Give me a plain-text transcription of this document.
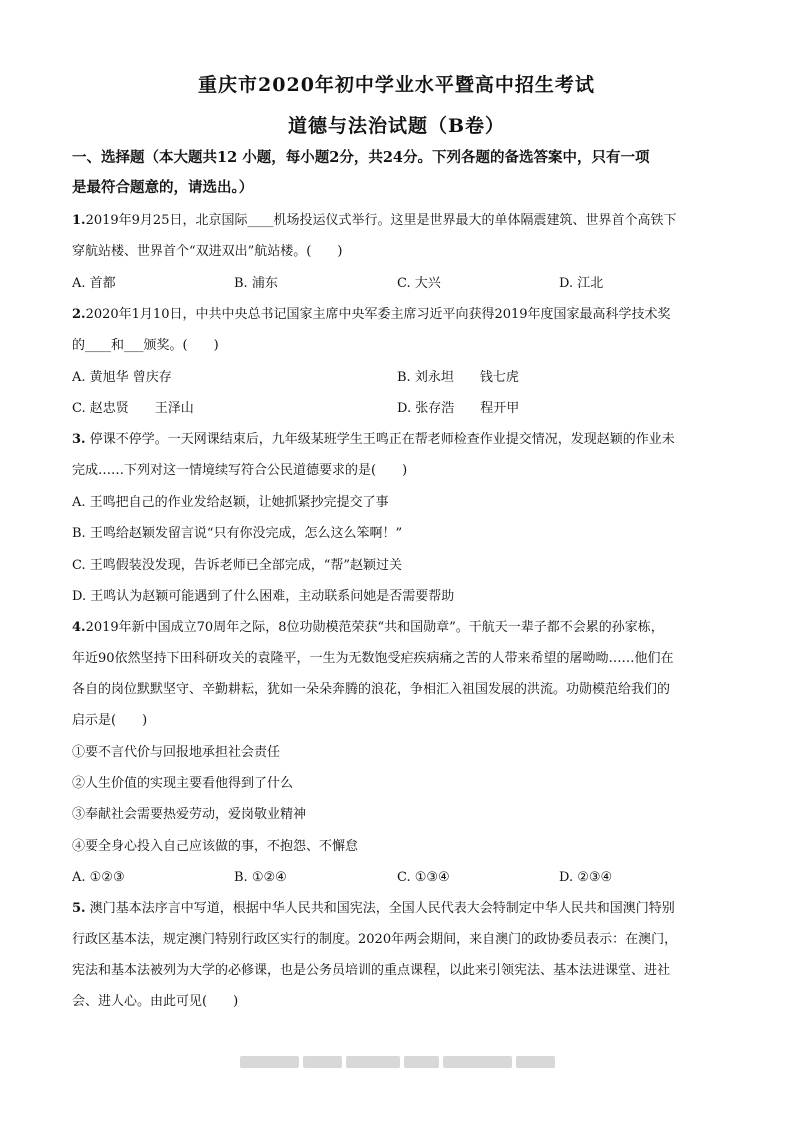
重庆市2020年初中学业水平暨高中招生考试
道德与法治试题（B卷）
一、选择题（本大题共12 小题，每小题2分，共24分。下列各题的备选答案中，只有一项
是最符合题意的，请选出。）
1.2019年9月25日，北京国际____机场投运仪式举行。这里是世界最大的单体隔震建筑、世界首个高铁下
穿航站楼、世界首个“双进双出”航站楼。(　　)
A. 首都	B. 浦东	C. 大兴	D. 江北
2.2020年1月10日，中共中央总书记国家主席中央军委主席习近平向获得2019年度国家最高科学技术奖
的____和___颁奖。(　　)
A. 黄旭华 曾庆存	B. 刘永坦　　钱七虎
C. 赵忠贤　　王泽山	D. 张存浩　　程开甲
3. 停课不停学。一天网课结束后，九年级某班学生王鸣正在帮老师检查作业提交情况，发现赵颖的作业未
完成……下列对这一情境续写符合公民道德要求的是(　　)
A. 王鸣把自己的作业发给赵颖，让她抓紧抄完提交了事
B. 王鸣给赵颖发留言说“只有你没完成，怎么这么笨啊！”
C. 王鸣假装没发现，告诉老师已全部完成，“帮”赵颖过关
D. 王鸣认为赵颖可能遇到了什么困难，主动联系问她是否需要帮助
4.2019年新中国成立70周年之际，8位功勋模范荣获“共和国勋章”。干航天一辈子都不会累的孙家栋，
年近90依然坚持下田科研攻关的袁隆平，一生为无数饱受疟疾病痛之苦的人带来希望的屠呦呦……他们在
各自的岗位默默坚守、辛勤耕耘，犹如一朵朵奔腾的浪花，争相汇入祖国发展的洪流。功勋模范给我们的
启示是(　　)
①要不言代价与回报地承担社会责任
②人生价值的实现主要看他得到了什么
③奉献社会需要热爱劳动，爱岗敬业精神
④要全身心投入自己应该做的事，不抱怨、不懈怠
A. ①②③	B. ①②④	C. ①③④	D. ②③④
5. 澳门基本法序言中写道，根据中华人民共和国宪法，全国人民代表大会特制定中华人民共和国澳门特别
行政区基本法，规定澳门特别行政区实行的制度。2020年两会期间，来自澳门的政协委员表示：在澳门，
宪法和基本法被列为大学的必修课，也是公务员培训的重点课程，以此来引领宪法、基本法进课堂、进社
会、进人心。由此可见(　　)
